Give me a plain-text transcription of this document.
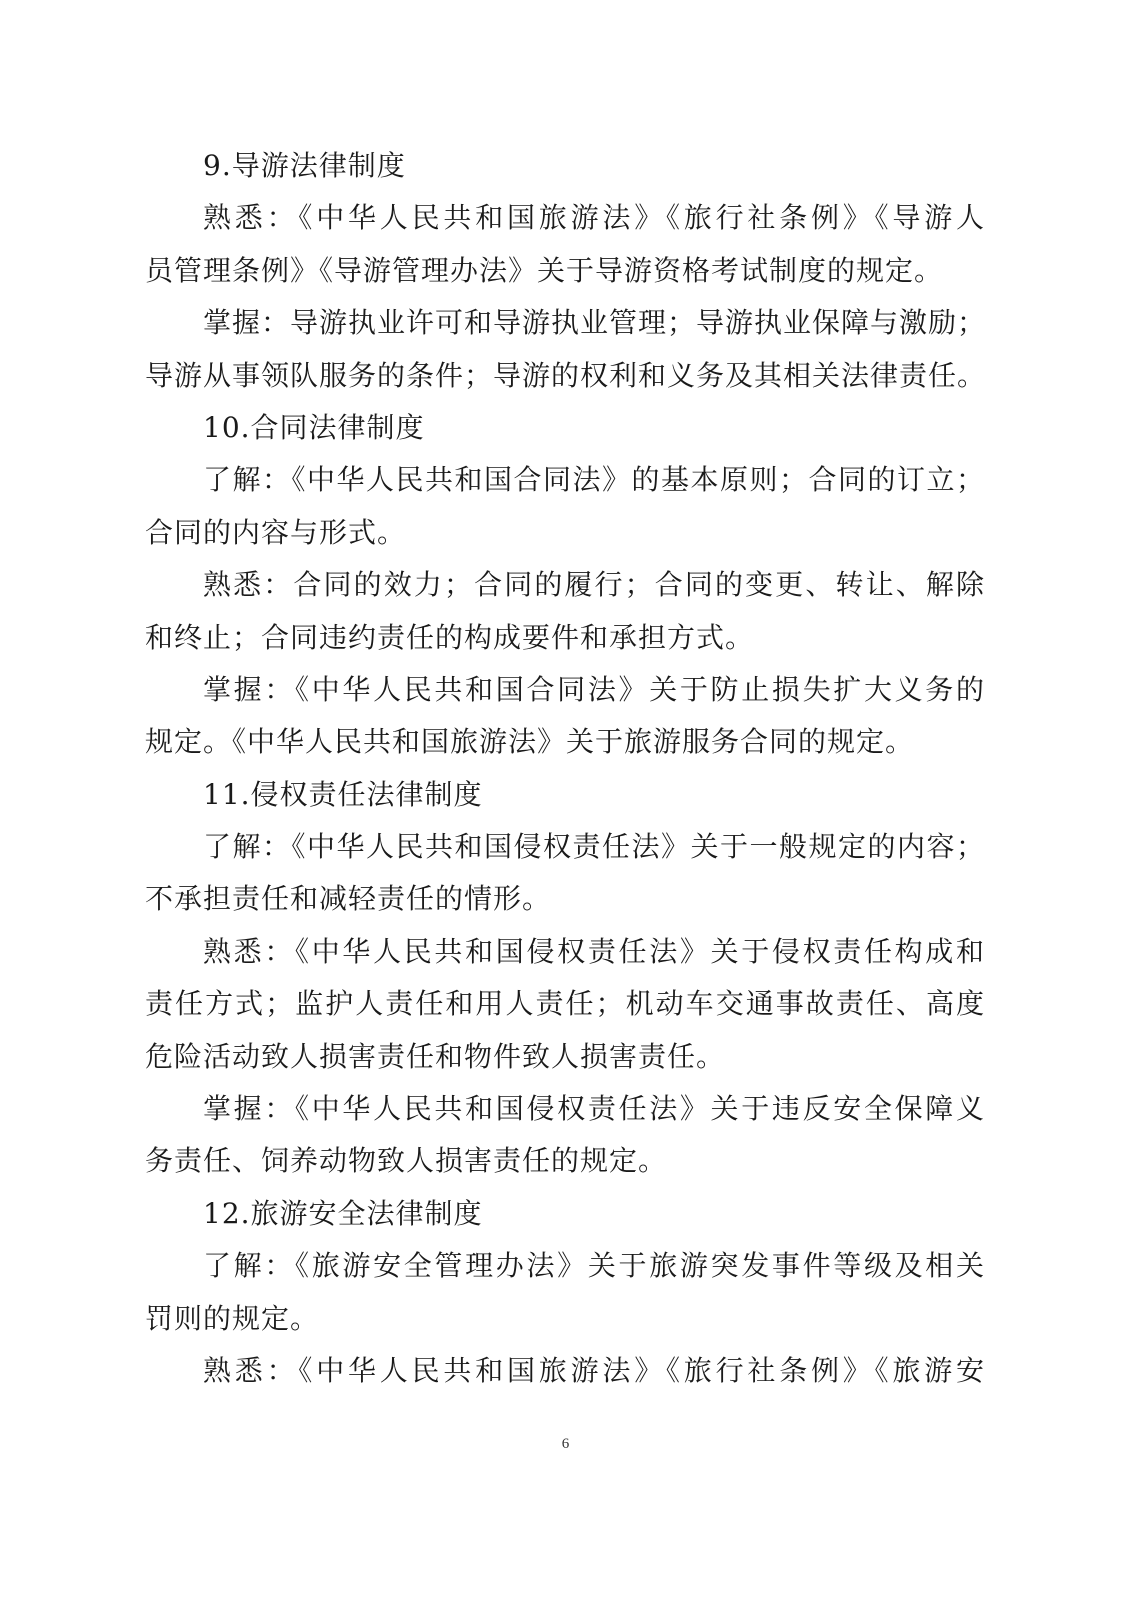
9.导游法律制度
熟悉：《中华人民共和国旅游法》《旅行社条例》《导游人
员管理条例》《导游管理办法》关于导游资格考试制度的规定。
掌握：导游执业许可和导游执业管理；导游执业保障与激励；
导游从事领队服务的条件；导游的权利和义务及其相关法律责任。
10.合同法律制度
了解：《中华人民共和国合同法》的基本原则；合同的订立；
合同的内容与形式。
熟悉：合同的效力；合同的履行；合同的变更、转让、解除
和终止；合同违约责任的构成要件和承担方式。
掌握：《中华人民共和国合同法》关于防止损失扩大义务的
规定。《中华人民共和国旅游法》关于旅游服务合同的规定。
11.侵权责任法律制度
了解：《中华人民共和国侵权责任法》关于一般规定的内容；
不承担责任和减轻责任的情形。
熟悉：《中华人民共和国侵权责任法》关于侵权责任构成和
责任方式；监护人责任和用人责任；机动车交通事故责任、高度
危险活动致人损害责任和物件致人损害责任。
掌握：《中华人民共和国侵权责任法》关于违反安全保障义
务责任、饲养动物致人损害责任的规定。
12.旅游安全法律制度
了解：《旅游安全管理办法》关于旅游突发事件等级及相关
罚则的规定。
熟悉：《中华人民共和国旅游法》《旅行社条例》《旅游安
6
